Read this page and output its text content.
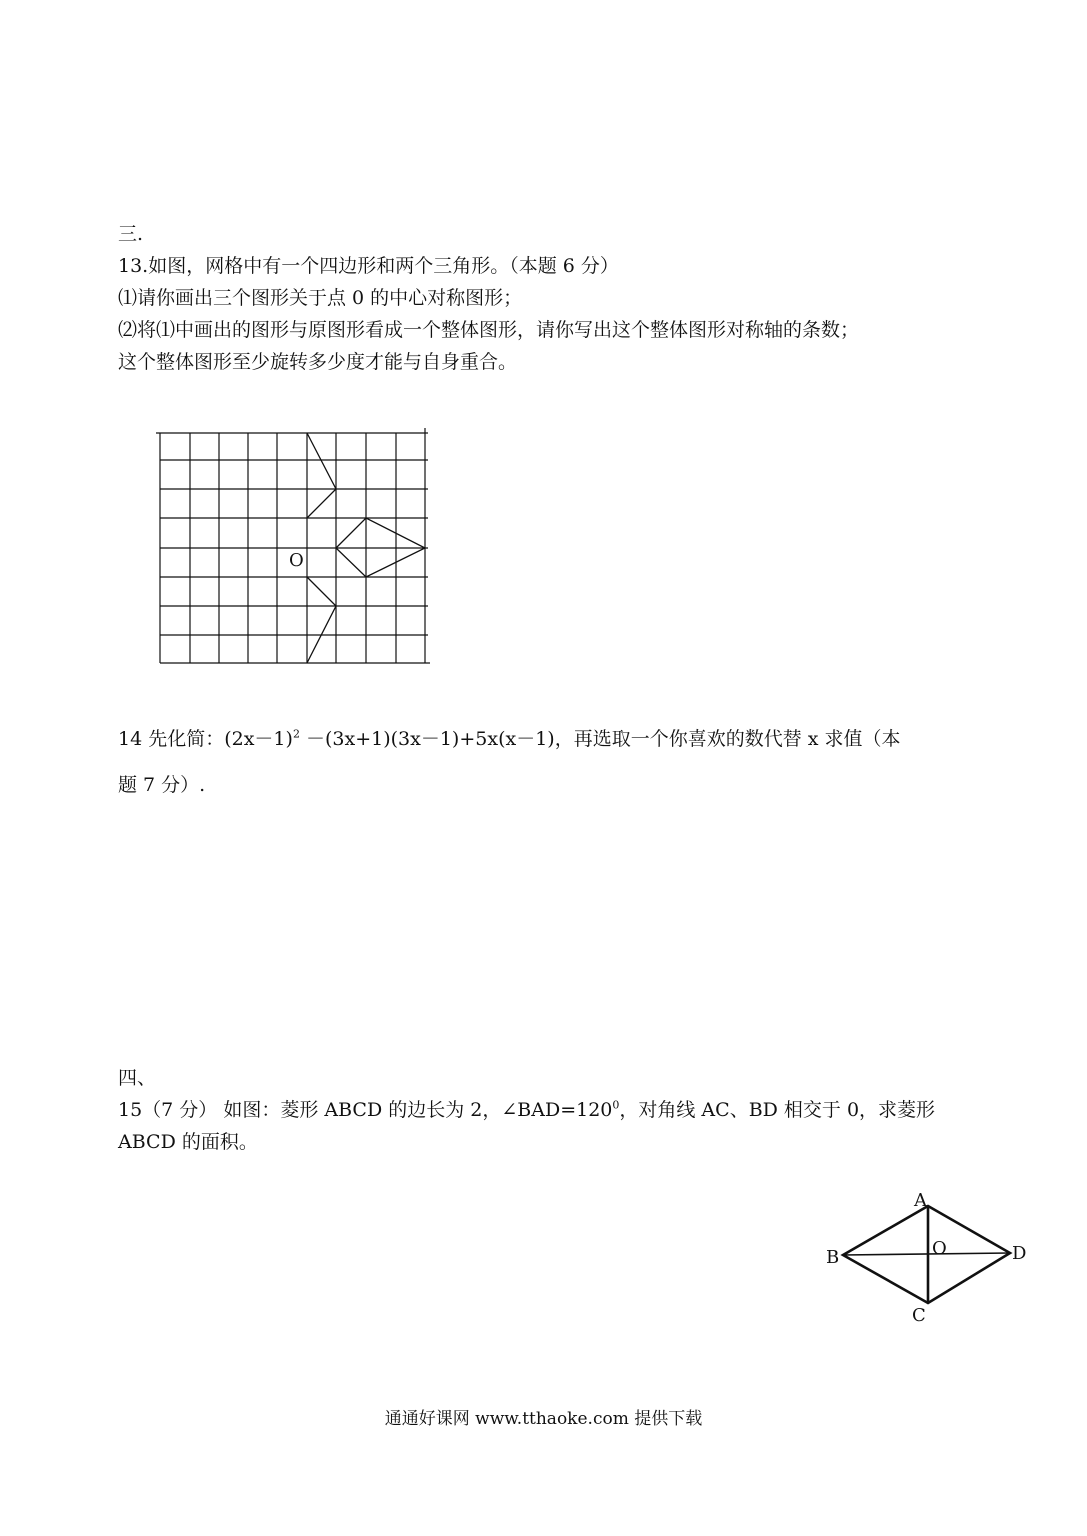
三.

13.如图，网格中有一个四边形和两个三角形。（本题 6 分）

⑴请你画出三个图形关于点 0 的中心对称图形；

⑵将⑴中画出的图形与原图形看成一个整体图形，请你写出这个整体图形对称轴的条数；

这个整体图形至少旋转多少度才能与自身重合。

O

14 先化简：$(2x-1)^2 -(3x+1)(3x-1)+5x(x-1)$，再选取一个你喜欢的数代替 x 求值（本

题 7 分）.

四、

15（7 分） 如图：菱形 ABCD 的边长为 2，$\angle BAD=120^0$，对角线 AC、BD 相交于 0，求菱形

ABCD 的面积。

A
B
C
D
O
通通好课网 www.tthaoke.com 提供下载
